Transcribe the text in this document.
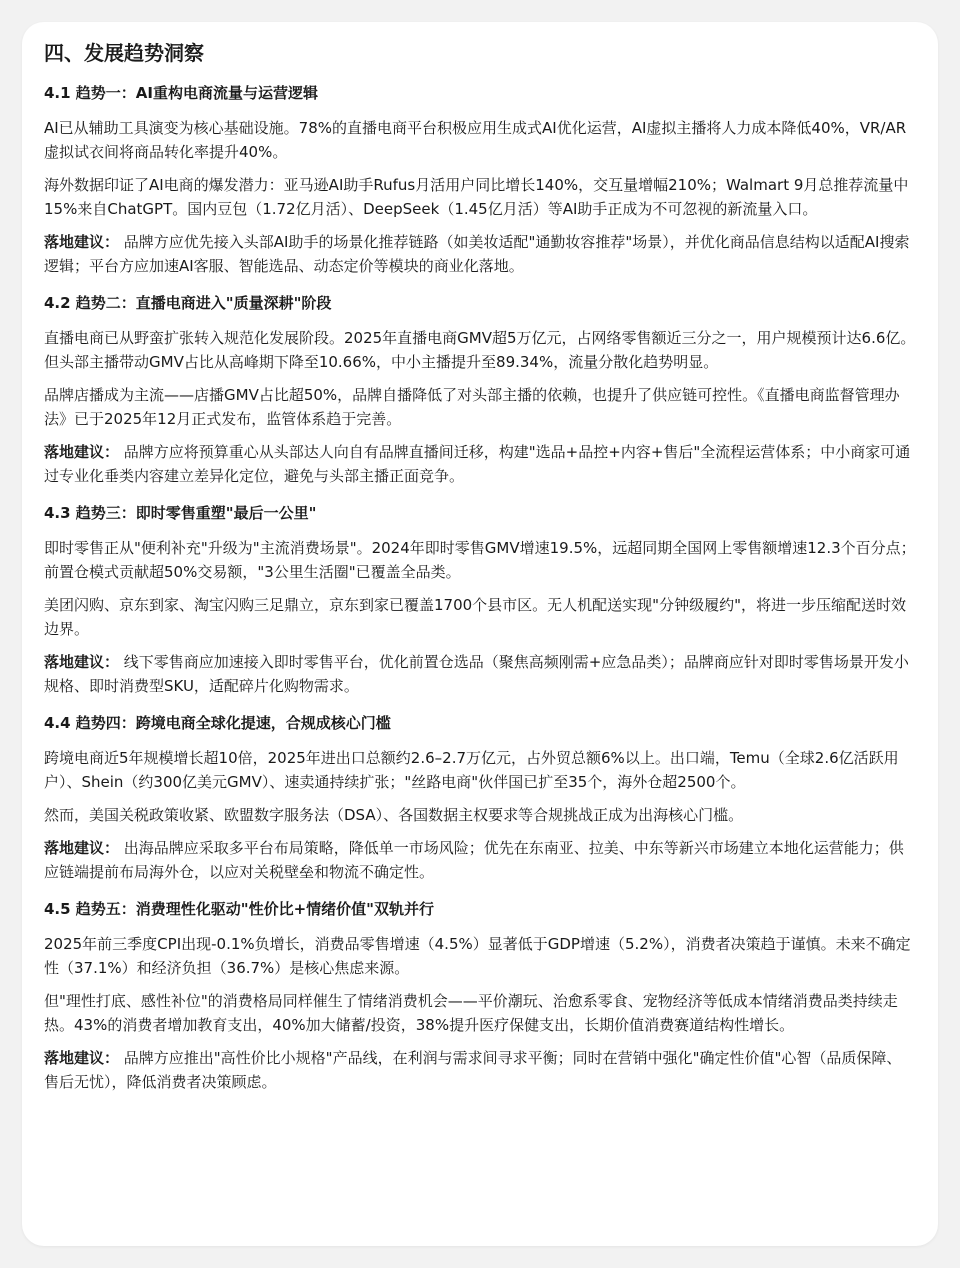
四、发展趋势洞察
4.1 趋势一：AI重构电商流量与运营逻辑

AI已从辅助工具演变为核心基础设施。78%的直播电商平台积极应用生成式AI优化运营，AI虚拟主播将人力成本降低40%，VR/AR虚拟试衣间将商品转化率提升40%。

海外数据印证了AI电商的爆发潜力：亚马逊AI助手Rufus月活用户同比增长140%，交互量增幅210%；Walmart 9月总推荐流量中15%来自ChatGPT。国内豆包（1.72亿月活）、DeepSeek（1.45亿月活）等AI助手正成为不可忽视的新流量入口。

落地建议： 品牌方应优先接入头部AI助手的场景化推荐链路（如美妆适配"通勤妆容推荐"场景），并优化商品信息结构以适配AI搜索逻辑；平台方应加速AI客服、智能选品、动态定价等模块的商业化落地。

4.2 趋势二：直播电商进入"质量深耕"阶段

直播电商已从野蛮扩张转入规范化发展阶段。2025年直播电商GMV超5万亿元，占网络零售额近三分之一，用户规模预计达6.6亿。但头部主播带动GMV占比从高峰期下降至10.66%，中小主播提升至89.34%，流量分散化趋势明显。

品牌店播成为主流——店播GMV占比超50%，品牌自播降低了对头部主播的依赖，也提升了供应链可控性。《直播电商监督管理办法》已于2025年12月正式发布，监管体系趋于完善。

落地建议： 品牌方应将预算重心从头部达人向自有品牌直播间迁移，构建"选品+品控+内容+售后"全流程运营体系；中小商家可通过专业化垂类内容建立差异化定位，避免与头部主播正面竞争。

4.3 趋势三：即时零售重塑"最后一公里"

即时零售正从"便利补充"升级为"主流消费场景"。2024年即时零售GMV增速19.5%，远超同期全国网上零售额增速12.3个百分点；前置仓模式贡献超50%交易额，"3公里生活圈"已覆盖全品类。

美团闪购、京东到家、淘宝闪购三足鼎立，京东到家已覆盖1700个县市区。无人机配送实现"分钟级履约"，将进一步压缩配送时效边界。

落地建议： 线下零售商应加速接入即时零售平台，优化前置仓选品（聚焦高频刚需+应急品类）；品牌商应针对即时零售场景开发小规格、即时消费型SKU，适配碎片化购物需求。

4.4 趋势四：跨境电商全球化提速，合规成核心门槛

跨境电商近5年规模增长超10倍，2025年进出口总额约2.6–2.7万亿元，占外贸总额6%以上。出口端，Temu（全球2.6亿活跃用户）、Shein（约300亿美元GMV）、速卖通持续扩张；"丝路电商"伙伴国已扩至35个，海外仓超2500个。

然而，美国关税政策收紧、欧盟数字服务法（DSA）、各国数据主权要求等合规挑战正成为出海核心门槛。

落地建议： 出海品牌应采取多平台布局策略，降低单一市场风险；优先在东南亚、拉美、中东等新兴市场建立本地化运营能力；供应链端提前布局海外仓，以应对关税壁垒和物流不确定性。

4.5 趋势五：消费理性化驱动"性价比+情绪价值"双轨并行

2025年前三季度CPI出现-0.1%负增长，消费品零售增速（4.5%）显著低于GDP增速（5.2%），消费者决策趋于谨慎。未来不确定性（37.1%）和经济负担（36.7%）是核心焦虑来源。

但"理性打底、感性补位"的消费格局同样催生了情绪消费机会——平价潮玩、治愈系零食、宠物经济等低成本情绪消费品类持续走热。43%的消费者增加教育支出，40%加大储蓄/投资，38%提升医疗保健支出，长期价值消费赛道结构性增长。

落地建议： 品牌方应推出"高性价比小规格"产品线，在利润与需求间寻求平衡；同时在营销中强化"确定性价值"心智（品质保障、售后无忧），降低消费者决策顾虑。
